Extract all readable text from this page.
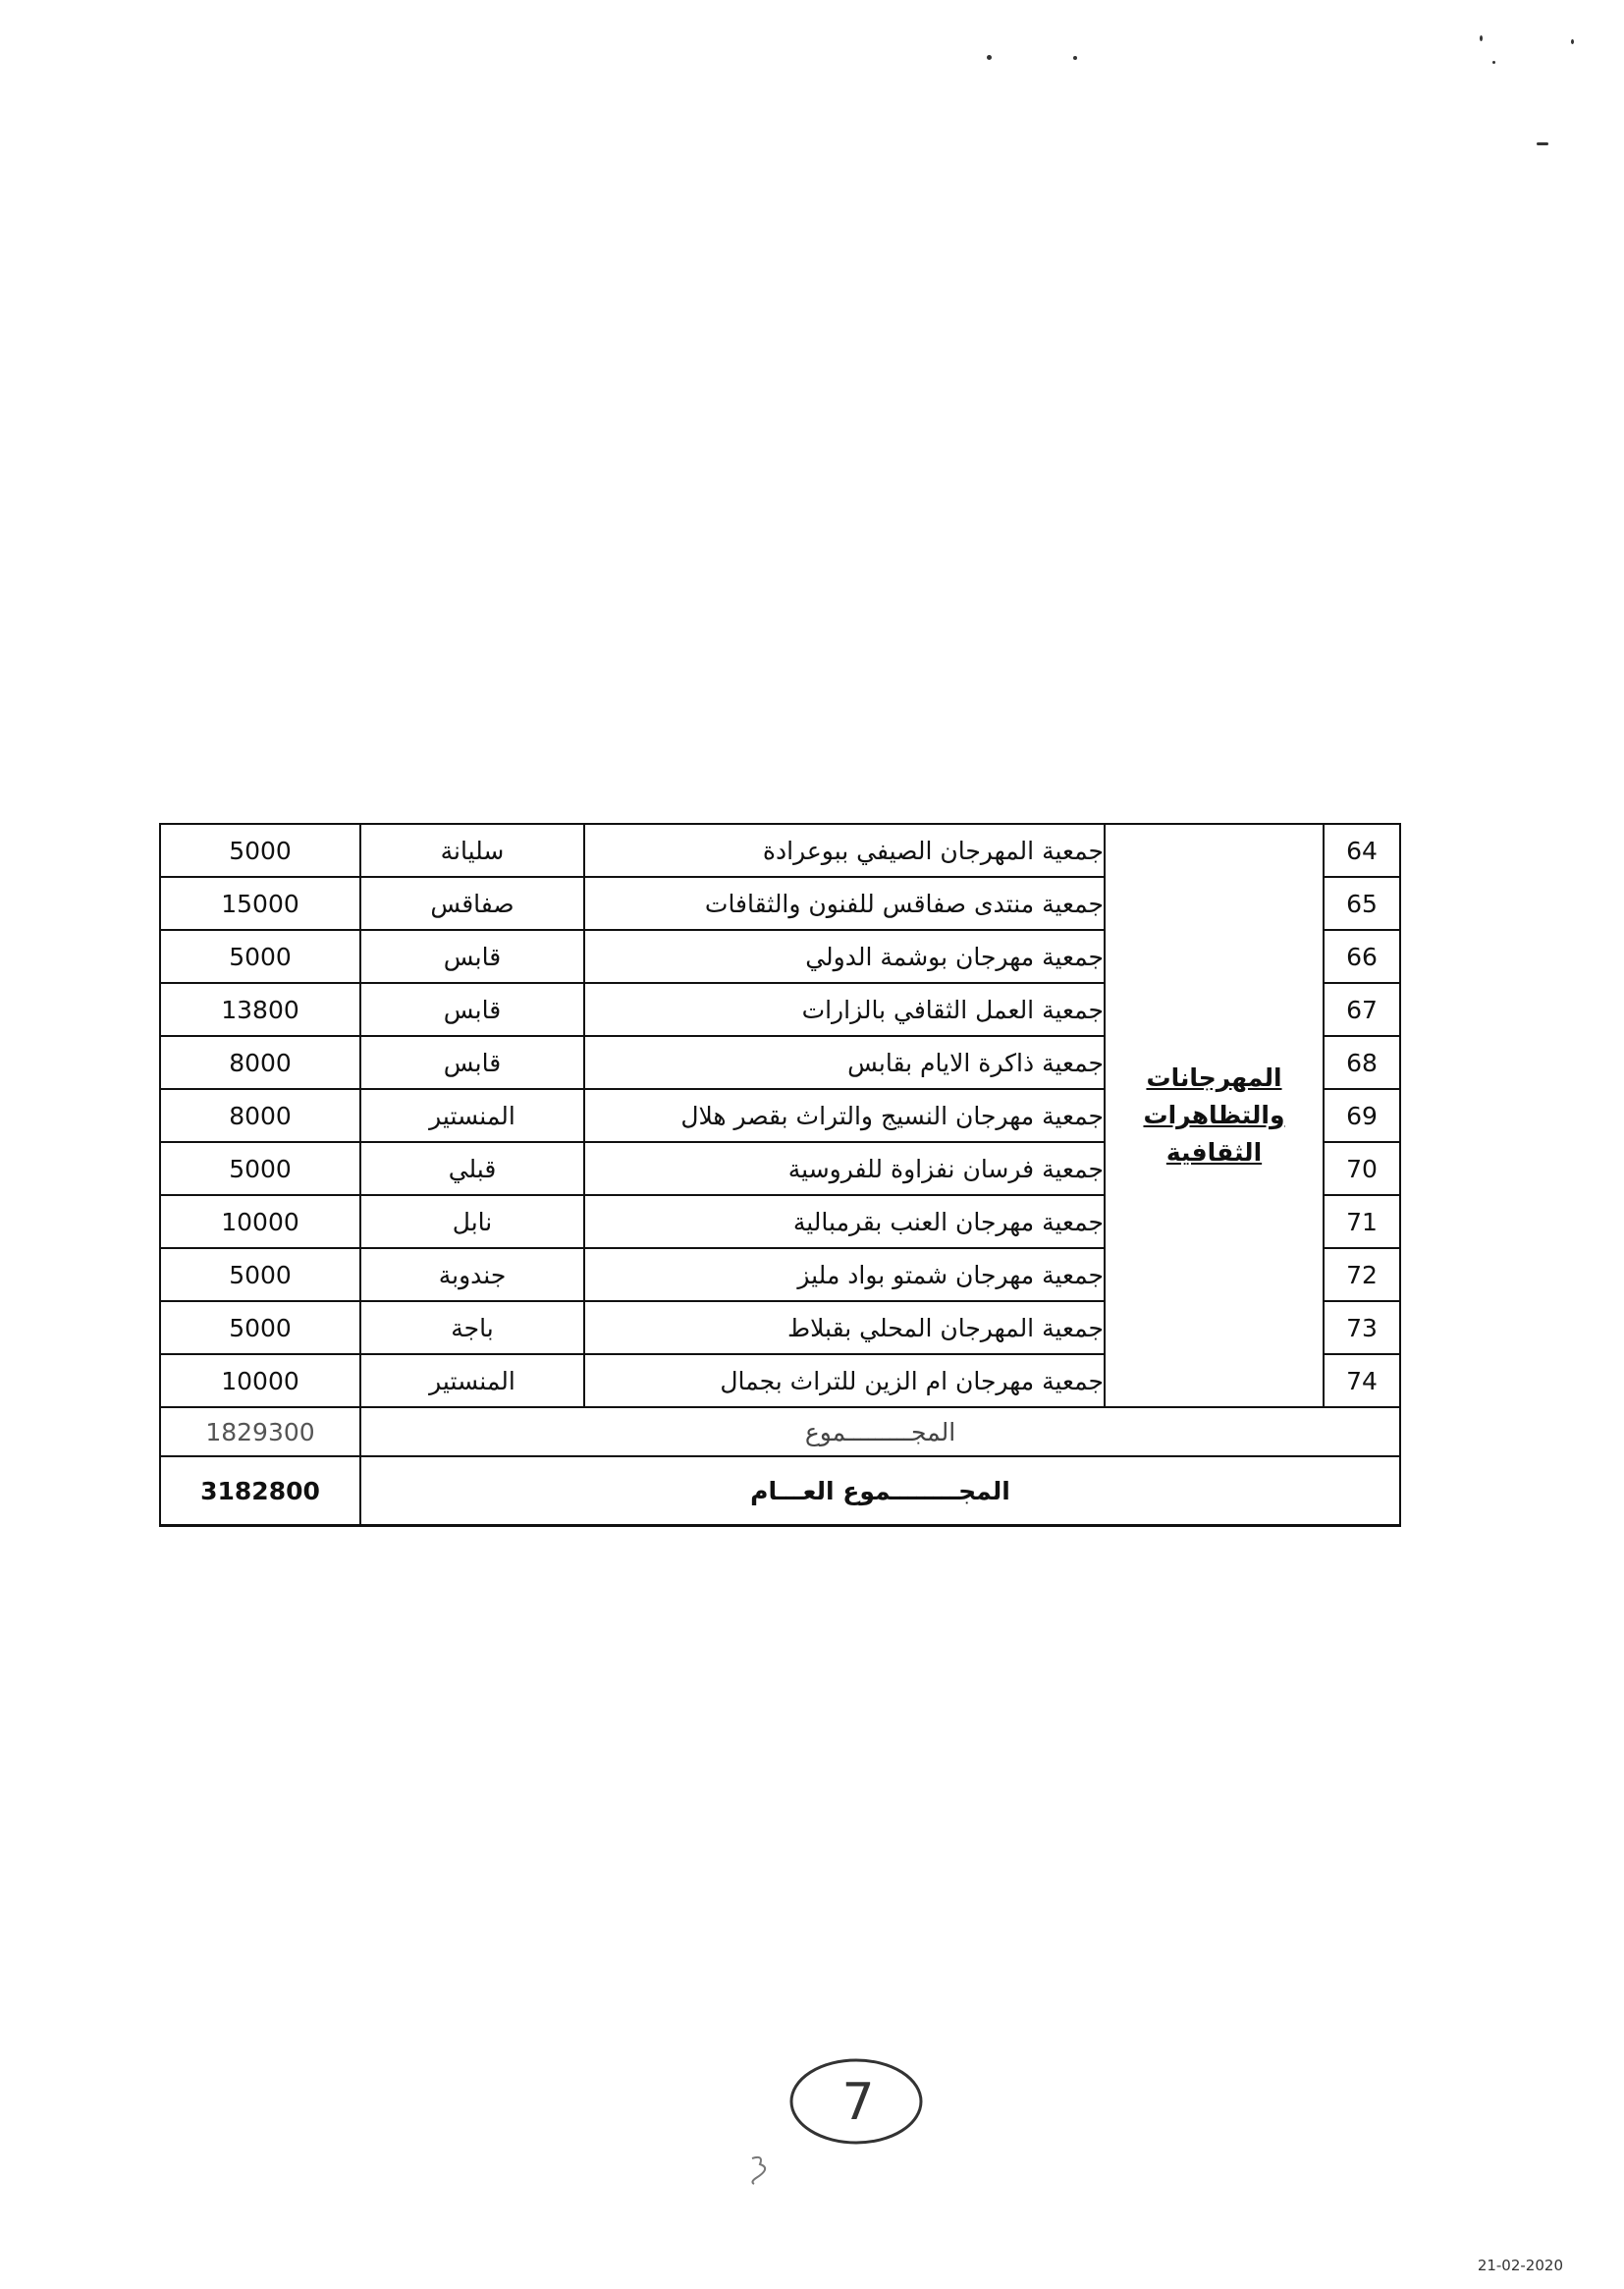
5000	سليانة	جمعية المهرجان الصيفي ببوعرادة	المهرجانات والتظاهرات الثقافية	64
15000	صفاقس	جمعية منتدى صفاقس للفنون والثقافات		65
5000	قابس	جمعية مهرجان بوشمة الدولي		66
13800	قابس	جمعية العمل الثقافي بالزارات		67
8000	قابس	جمعية ذاكرة الايام بقابس		68
8000	المنستير	جمعية مهرجان النسيج والتراث بقصر هلال		69
5000	قبلي	جمعية فرسان نفزاوة للفروسية		70
10000	نابل	جمعية مهرجان العنب بقرمبالية		71
5000	جندوبة	جمعية مهرجان شمتو بواد مليز		72
5000	باجة	جمعية المهرجان المحلي بقبلاط		73
10000	المنستير	جمعية مهرجان ام الزين للتراث بجمال		74
1829300	المجـــــــــموع			
3182800	المجــــــــموع العـــام			
7
21-02-2020
